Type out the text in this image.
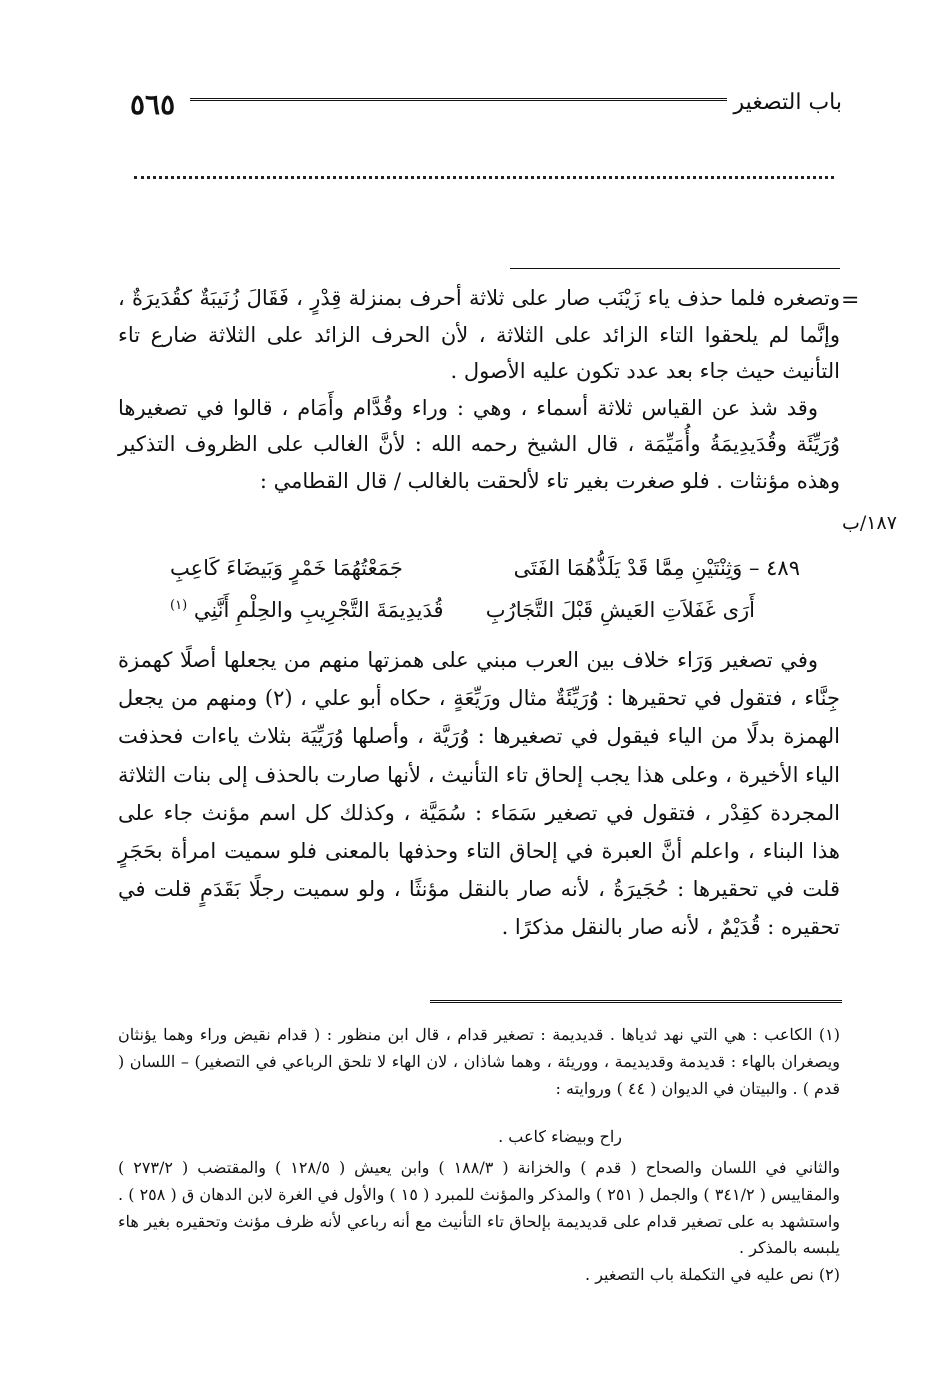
٥٦٥	باب التصغير
=
١٨٧/ب

وتصغره فلما حذف ياء زَيْنَب صار على ثلاثة أحرف بمنزلة قِدْرٍ ، فَقَالَ زُنَيبَةٌ كقُدَيرَةٌ ، وإنَّما لم يلحقوا التاء الزائد على الثلاثة ، لأن الحرف الزائد على الثلاثة ضارع تاء التأنيث حيث جاء بعد عدد تكون عليه الأصول .

وقد شذ عن القياس ثلاثة أسماء ، وهي : وراء وقُدَّام وأَمَام ، قالوا في تصغيرها وُرَيِّئَة وقُدَيدِيمَةُ وأُمَيِّمَة ، قال الشيخ رحمه الله : لأنَّ الغالب على الظروف التذكير وهذه مؤنثات . فلو صغرت بغير تاء لألحقت بالغالب / قال القطامي :

٤٨٩ – وَثِنْتَيْنِ مِمَّا قَدْ يَلَذُّهُمَا الفَتَى
جَمَعْتُهُمَا خَمْرٍ وَبَيضَاءَ كَاعِبِ
أَرَى غَفَلاَتِ العَيشِ قَبْلَ التَّجَارُبِ
قُدَيدِيمَةَ التَّجْرِيبِ والحِلْمِ أَنَّنِي $^{(١)}$

وفي تصغير وَرَاء خلاف بين العرب مبني على همزتها منهم من يجعلها أصلًا كهمزة جِنَّاء ، فتقول في تحقيرها : وُرَيِّئَةٌ مثال ورَيِّعَةٍ ، حكاه أبو علي ، (٢) ومنهم من يجعل الهمزة بدلًا من الياء فيقول في تصغيرها : وُرَيَّة ، وأصلها وُرَيِّيَة بثلاث ياءات فحذفت الياء الأخيرة ، وعلى هذا يجب إلحاق تاء التأنيث ، لأنها صارت بالحذف إلى بنات الثلاثة المجردة كقِدْر ، فتقول في تصغير سَمَاء : سُمَيَّة ، وكذلك كل اسم مؤنث جاء على هذا البناء ، واعلم أنَّ العبرة في إلحاق التاء وحذفها بالمعنى فلو سميت امرأة بحَجَرٍ قلت في تحقيرها : حُجَيرَةُ ، لأنه صار بالنقل مؤنثًا ، ولو سميت رجلًا بَقَدَمٍ قلت في تحقيره : قُدَيْمٌ ، لأنه صار بالنقل مذكرًا .

(١) الكاعب : هي التي نهد ثدياها . قديديمة : تصغير قدام ، قال ابن منظور : ( قدام نقيض وراء وهما يؤنثان ويصغران بالهاء : قديدمة وقديديمة ، ووريئة ، وهما شاذان ، لان الهاء لا تلحق الرباعي في التصغير) – اللسان ( قدم ) . والبيتان في الديوان ( ٤٤ ) وروايته :

راح وبيضاء كاعب .

والثاني في اللسان والصحاح ( قدم ) والخزانة ( ١٨٨/٣ ) وابن يعيش ( ١٢٨/٥ ) والمقتضب ( ٢٧٣/٢ ) والمقاييس ( ٣٤١/٢ ) والجمل ( ٢٥١ ) والمذكر والمؤنث للمبرد ( ١٥ ) والأول في الغرة لابن الدهان ق ( ٢٥٨ ) . واستشهد به على تصغير قدام على قديديمة بإلحاق تاء التأنيث مع أنه رباعي لأنه ظرف مؤنث وتحقيره بغير هاء يلبسه بالمذكر .

(٢) نص عليه في التكملة باب التصغير .
